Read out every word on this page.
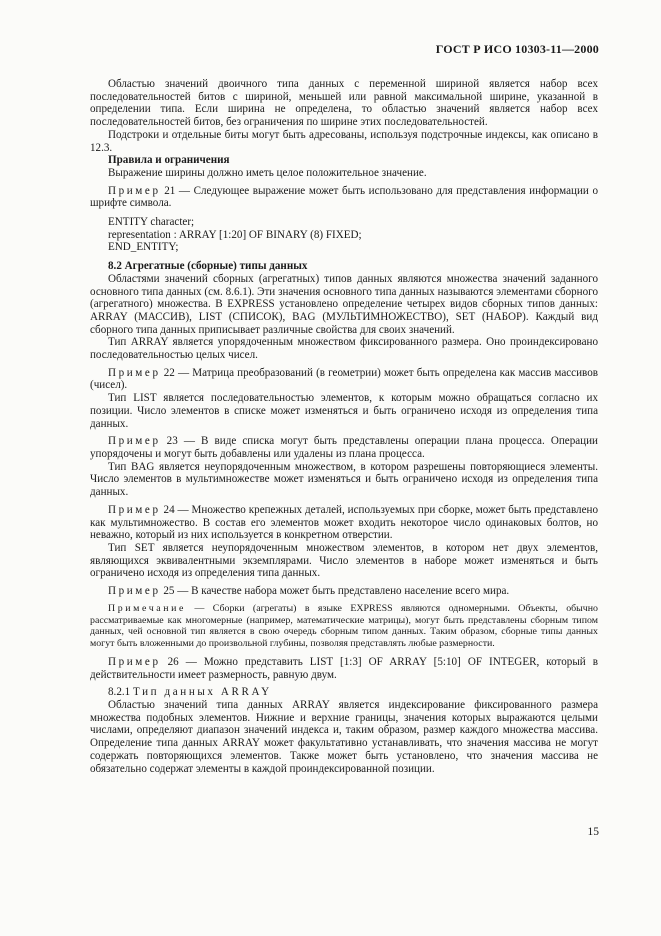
ГОСТ Р ИСО 10303-11—2000

Областью значений двоичного типа данных с переменной шириной является набор всех последовательностей битов с шириной, меньшей или равной максимальной ширине, указанной в определении типа. Если ширина не определена, то областью значений является набор всех последовательностей битов, без ограничения по ширине этих последовательностей.

Подстроки и отдельные биты могут быть адресованы, используя подстрочные индексы, как описано в 12.3.

Правила и ограничения

Выражение ширины должно иметь целое положительное значение.

Пример 21 — Следующее выражение может быть использовано для представления информации о шрифте символа.

ENTITY character;

representation : ARRAY [1:20] OF BINARY (8) FIXED;

END_ENTITY;

8.2 Агрегатные (сборные) типы данных

Областями значений сборных (агрегатных) типов данных являются множества значений заданного основного типа данных (см. 8.6.1). Эти значения основного типа данных называются элементами сборного (агрегатного) множества. В EXPRESS установлено определение четырех видов сборных типов данных: ARRAY (МАССИВ), LIST (СПИСОК), BAG (МУЛЬТИМНОЖЕСТВО), SET (НАБОР). Каждый вид сборного типа данных приписывает различные свойства для своих значений.

Тип ARRAY является упорядоченным множеством фиксированного размера. Оно проиндексировано последовательностью целых чисел.

Пример 22 — Матрица преобразований (в геометрии) может быть определена как массив массивов (чисел).

Тип LIST является последовательностью элементов, к которым можно обращаться согласно их позиции. Число элементов в списке может изменяться и быть ограничено исходя из определения типа данных.

Пример 23 — В виде списка могут быть представлены операции плана процесса. Операции упорядочены и могут быть добавлены или удалены из плана процесса.

Тип BAG является неупорядоченным множеством, в котором разрешены повторяющиеся элементы. Число элементов в мультимножестве может изменяться и быть ограничено исходя из определения типа данных.

Пример 24 — Множество крепежных деталей, используемых при сборке, может быть представлено как мультимножество. В состав его элементов может входить некоторое число одинаковых болтов, но неважно, который из них используется в конкретном отверстии.

Тип SET является неупорядоченным множеством элементов, в котором нет двух элементов, являющихся эквивалентными экземплярами. Число элементов в наборе может изменяться и быть ограничено исходя из определения типа данных.

Пример 25 — В качестве набора может быть представлено население всего мира.

Примечание — Сборки (агрегаты) в языке EXPRESS являются одномерными. Объекты, обычно рассматриваемые как многомерные (например, математические матрицы), могут быть представлены сборным типом данных, чей основной тип является в свою очередь сборным типом данных. Таким образом, сборные типы данных могут быть вложенными до произвольной глубины, позволяя представлять любые размерности.

Пример 26 — Можно представить LIST [1:3] OF ARRAY [5:10] OF INTEGER, который в действительности имеет размерность, равную двум.

8.2.1 Тип данных ARRAY

Областью значений типа данных ARRAY является индексирование фиксированного размера множества подобных элементов. Нижние и верхние границы, значения которых выражаются целыми числами, определяют диапазон значений индекса и, таким образом, размер каждого множества массива. Определение типа данных ARRAY может факультативно устанавливать, что значения массива не могут содержать повторяющихся элементов. Также может быть установлено, что значения массива не обязательно содержат элементы в каждой проиндексированной позиции.

15
